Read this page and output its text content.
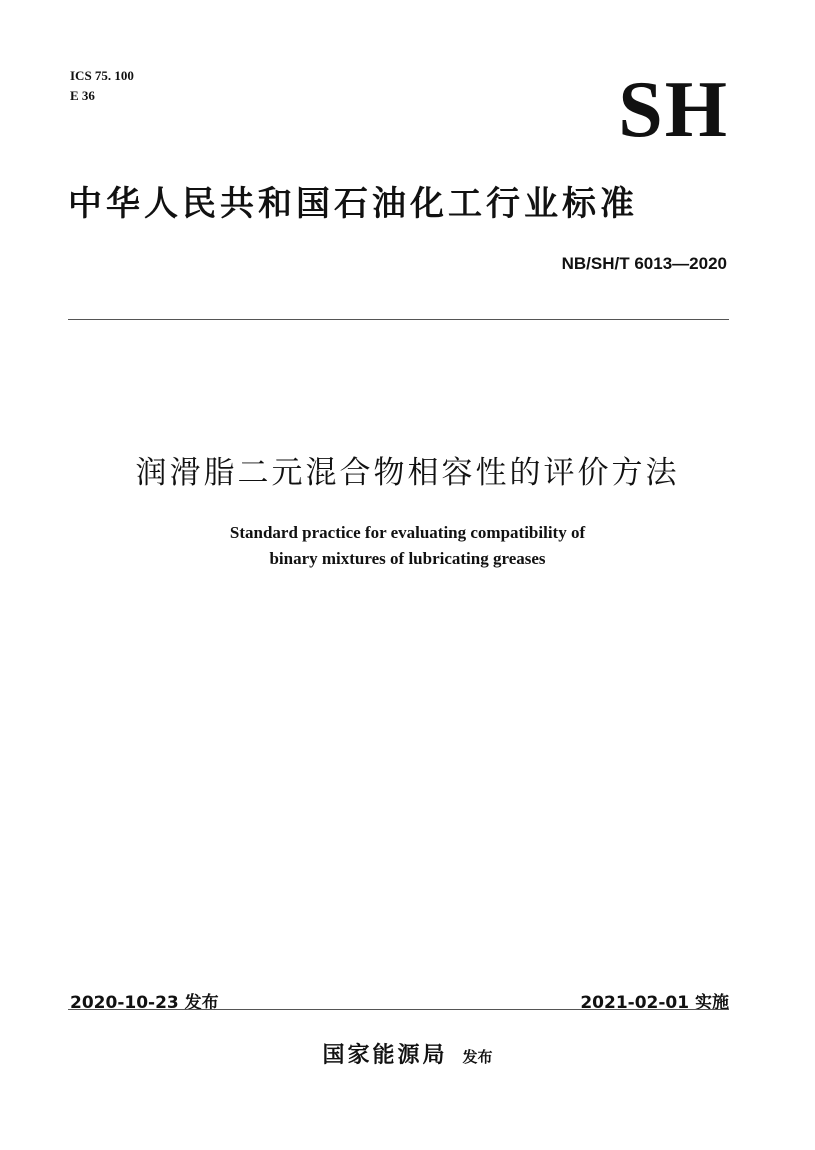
ICS 75. 100
E 36	SH
中华人民共和国石油化工行业标准
NB/SH/T 6013—2020
润滑脂二元混合物相容性的评价方法
Standard practice for evaluating compatibility of
binary mixtures of lubricating greases
2020-10-23 发布	2021-02-01 实施
国家能源局 发布
